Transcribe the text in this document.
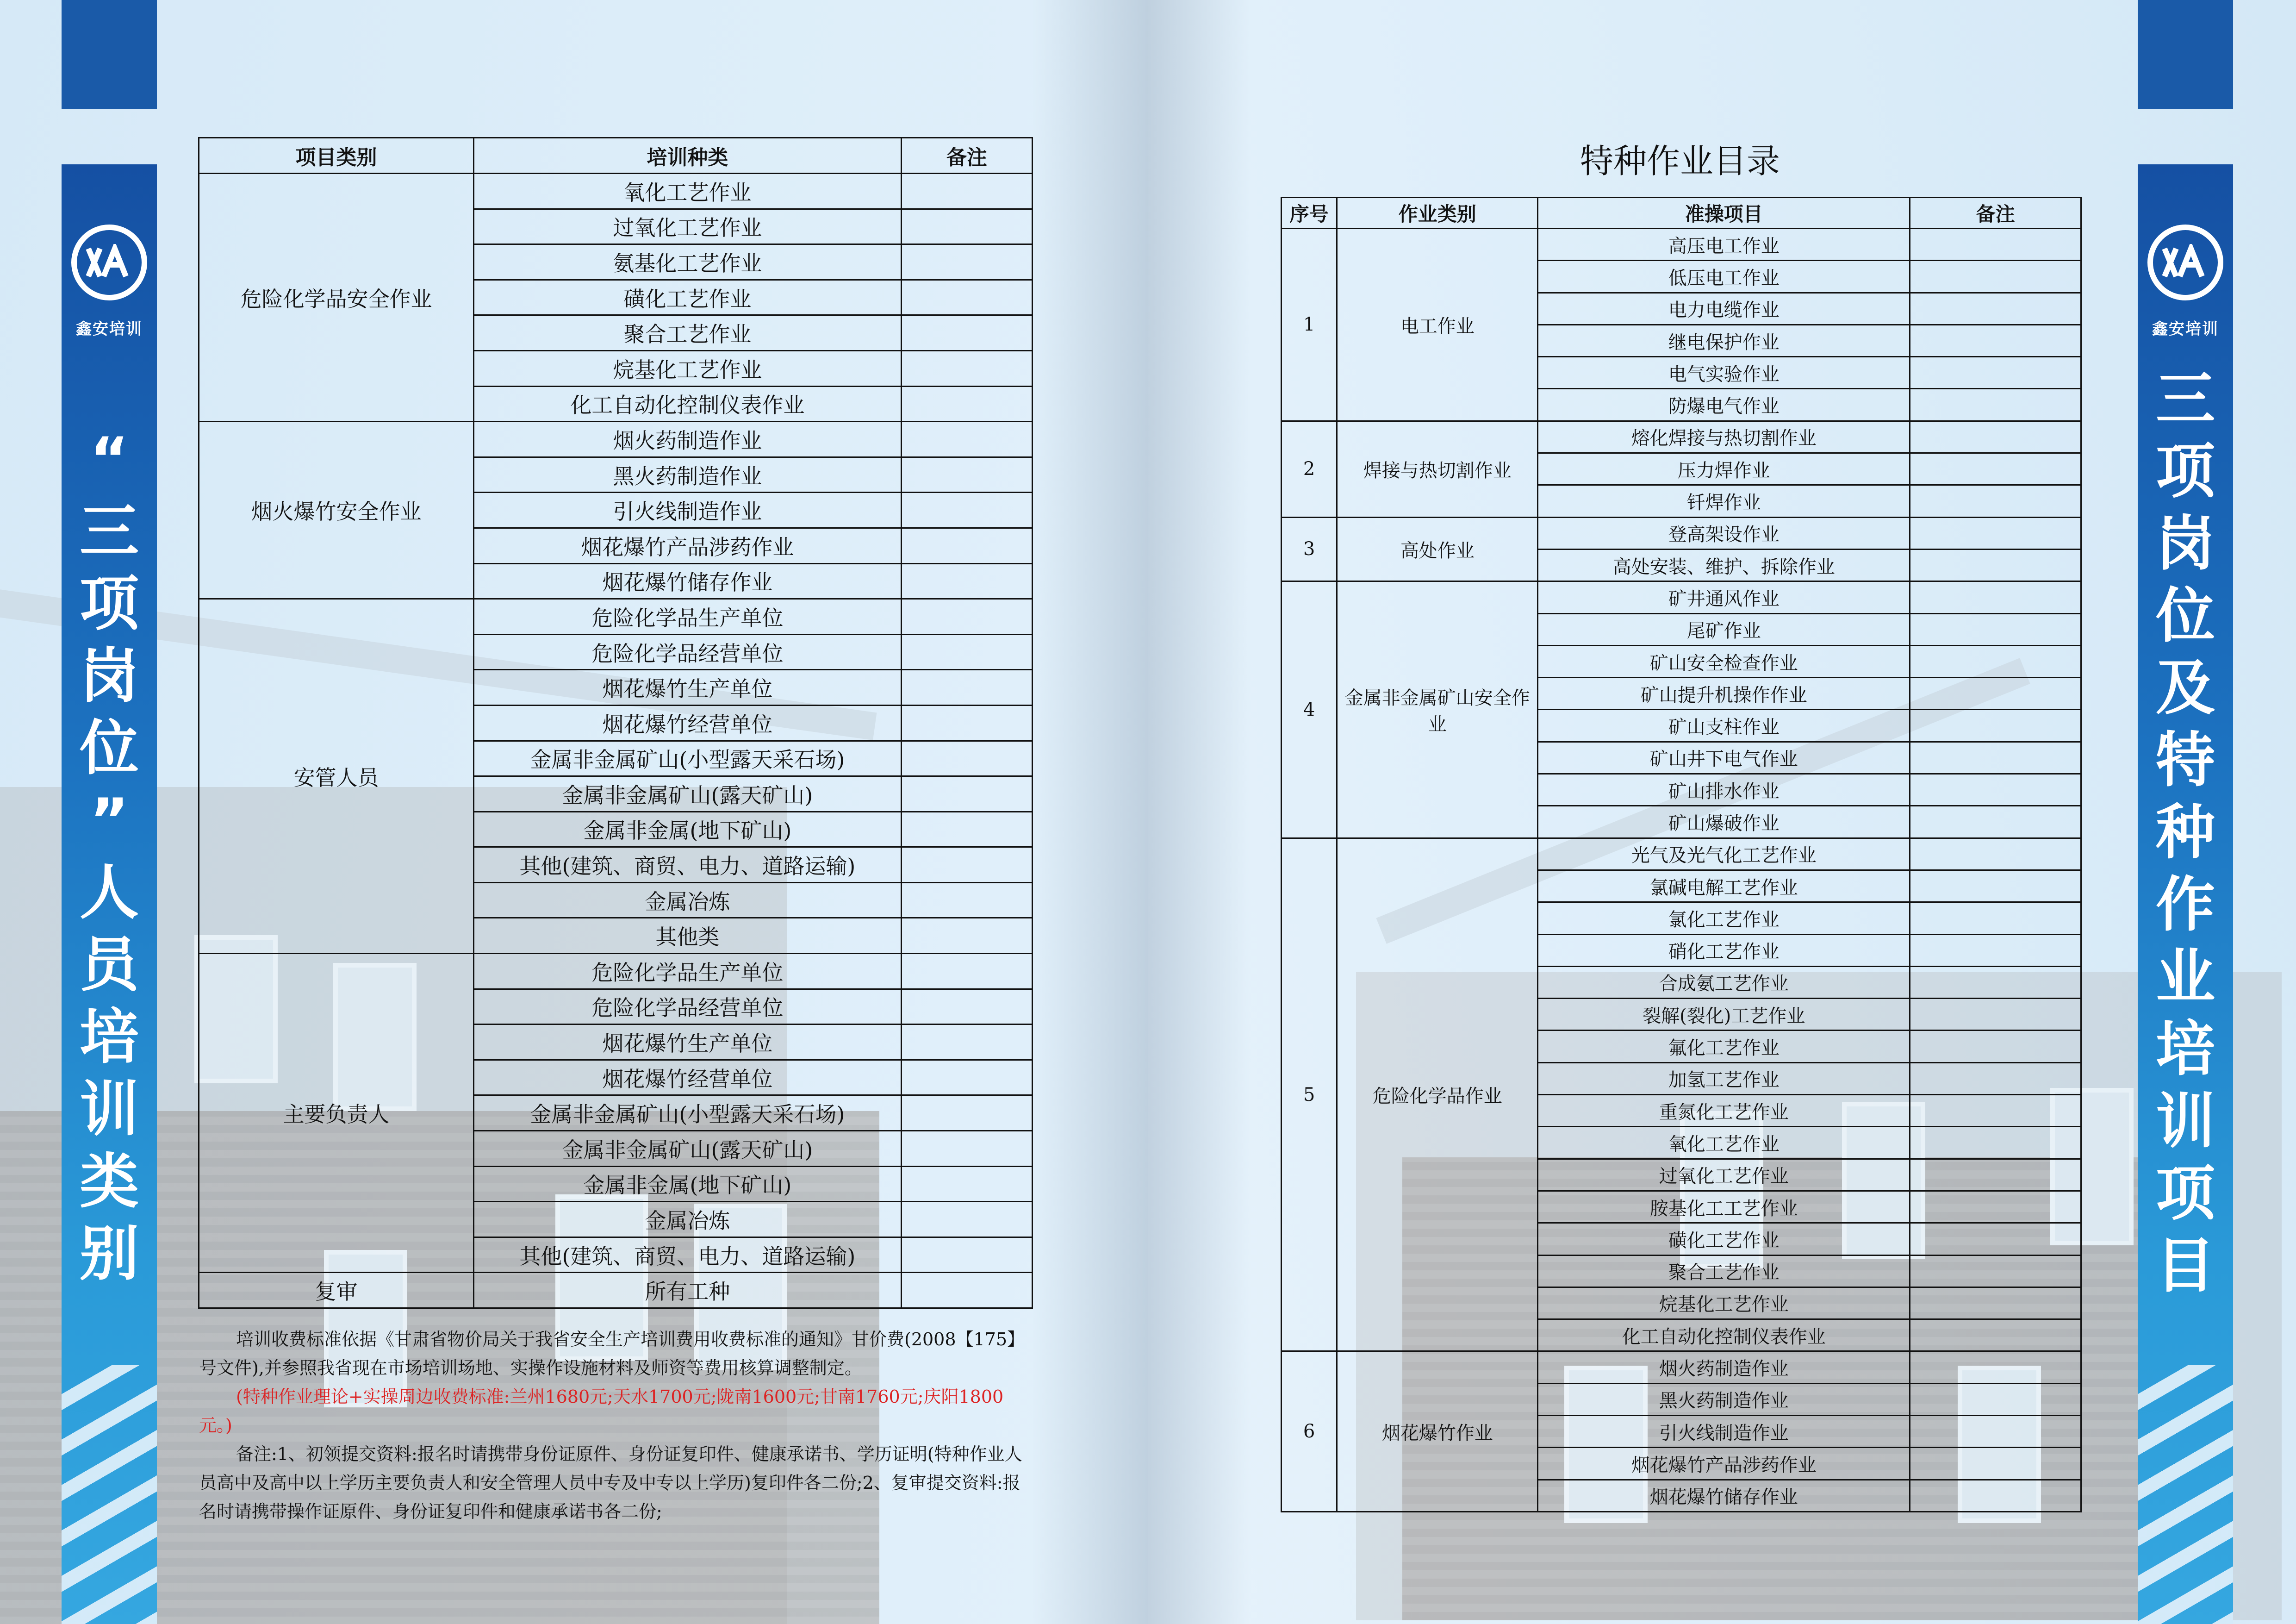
鑫安培训
“
三
项
岗
位
”
人
员
培
训
类
别
项目类别	培训种类	备注
危险化学品安全作业	氧化工艺作业	
	过氧化工艺作业	
	氨基化工艺作业	
	磺化工艺作业	
	聚合工艺作业	
	烷基化工艺作业	
	化工自动化控制仪表作业	
烟火爆竹安全作业	烟火药制造作业	
	黑火药制造作业	
	引火线制造作业	
	烟花爆竹产品涉药作业	
	烟花爆竹储存作业	
安管人员	危险化学品生产单位	
	危险化学品经营单位	
	烟花爆竹生产单位	
	烟花爆竹经营单位	
	金属非金属矿山(小型露天采石场)	
	金属非金属矿山(露天矿山)	
	金属非金属(地下矿山)	
	其他(建筑、商贸、电力、道路运输)	
	金属冶炼	
	其他类	
主要负责人	危险化学品生产单位	
	危险化学品经营单位	
	烟花爆竹生产单位	
	烟花爆竹经营单位	
	金属非金属矿山(小型露天采石场)	
	金属非金属矿山(露天矿山)	
	金属非金属(地下矿山)	
	金属冶炼	
	其他(建筑、商贸、电力、道路运输)	
复审	所有工种	

培训收费标准依据《甘肃省物价局关于我省安全生产培训费用收费标准的通知》甘价费(2008【175】号文件),并参照我省现在市场培训场地、实操作设施材料及师资等费用核算调整制定。

(特种作业理论+实操周边收费标准:兰州1680元;天水1700元;陇南1600元;甘南1760元;庆阳1800元。)

备注:1、初领提交资料:报名时请携带身份证原件、身份证复印件、健康承诺书、学历证明(特种作业人员高中及高中以上学历主要负责人和安全管理人员中专及中专以上学历)复印件各二份;2、复审提交资料:报名时请携带操作证原件、身份证复印件和健康承诺书各二份;

鑫安培训
三
项
岗
位
及
特
种
作
业
培
训
项
目
特种作业目录
序号	作业类别	准操项目	备注
1	电工作业	高压电工作业	
		低压电工作业	
		电力电缆作业	
		继电保护作业	
		电气实验作业	
		防爆电气作业	
2	焊接与热切割作业	熔化焊接与热切割作业	
		压力焊作业	
		钎焊作业	
3	高处作业	登高架设作业	
		高处安装、维护、拆除作业	
4	金属非金属矿山安全作业	矿井通风作业	
		尾矿作业	
		矿山安全检查作业	
		矿山提升机操作作业	
		矿山支柱作业	
		矿山井下电气作业	
		矿山排水作业	
		矿山爆破作业	
5	危险化学品作业	光气及光气化工艺作业	
		氯碱电解工艺作业	
		氯化工艺作业	
		硝化工艺作业	
		合成氨工艺作业	
		裂解(裂化)工艺作业	
		氟化工艺作业	
		加氢工艺作业	
		重氮化工艺作业	
		氧化工艺作业	
		过氧化工艺作业	
		胺基化工工艺作业	
		磺化工艺作业	
		聚合工艺作业	
		烷基化工艺作业	
		化工自动化控制仪表作业	
6	烟花爆竹作业	烟火药制造作业	
		黑火药制造作业	
		引火线制造作业	
		烟花爆竹产品涉药作业	
		烟花爆竹储存作业	
